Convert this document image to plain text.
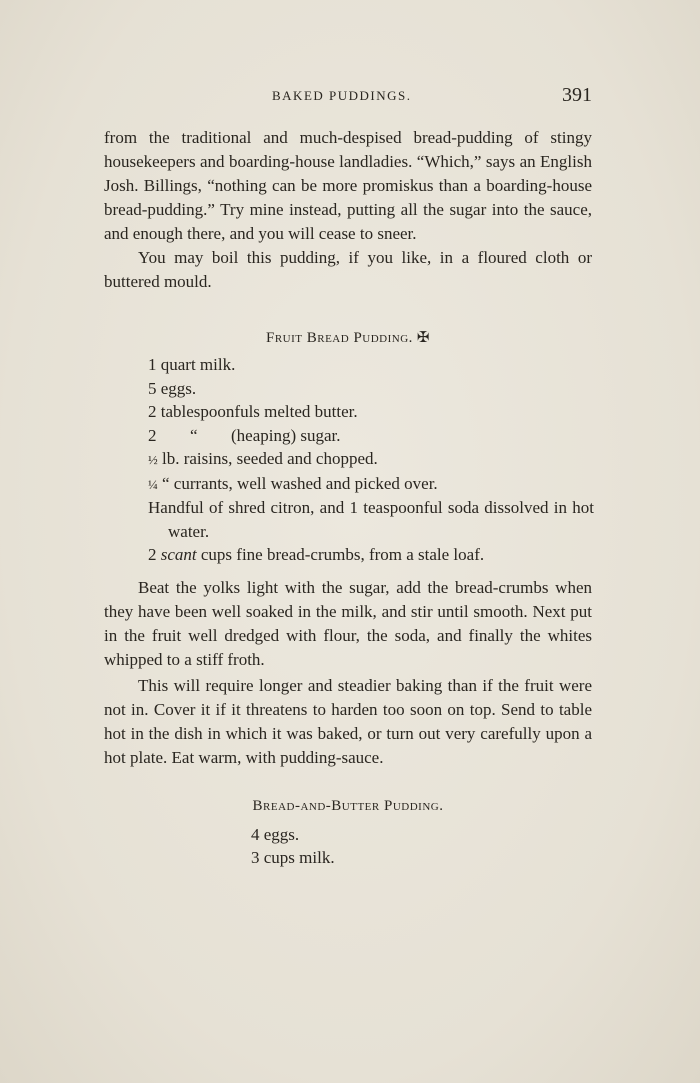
BAKED PUDDINGS.	391

from the traditional and much-despised bread-pudding of stingy housekeepers and boarding-house landladies. “Which,” says an English Josh. Billings, “nothing can be more promiskus than a boarding-house bread-pudding.” Try mine instead, putting all the sugar into the sauce, and enough there, and you will cease to sneer.

You may boil this pudding, if you like, in a floured cloth or buttered mould.

Fruit Bread Pudding. ✠

1 quart milk.
5 eggs.
2 tablespoonfuls melted butter.
2 “ (heaping) sugar.
½ lb. raisins, seeded and chopped.
¼ “ currants, well washed and picked over.
Handful of shred citron, and 1 teaspoonful soda dissolved in hot water.
2 scant cups fine bread-crumbs, from a stale loaf.

Beat the yolks light with the sugar, add the bread-crumbs when they have been well soaked in the milk, and stir until smooth. Next put in the fruit well dredged with flour, the soda, and finally the whites whipped to a stiff froth.

This will require longer and steadier baking than if the fruit were not in. Cover it if it threatens to harden too soon on top. Send to table hot in the dish in which it was baked, or turn out very carefully upon a hot plate. Eat warm, with pudding-sauce.

Bread-and-Butter Pudding.

4 eggs.
3 cups milk.
